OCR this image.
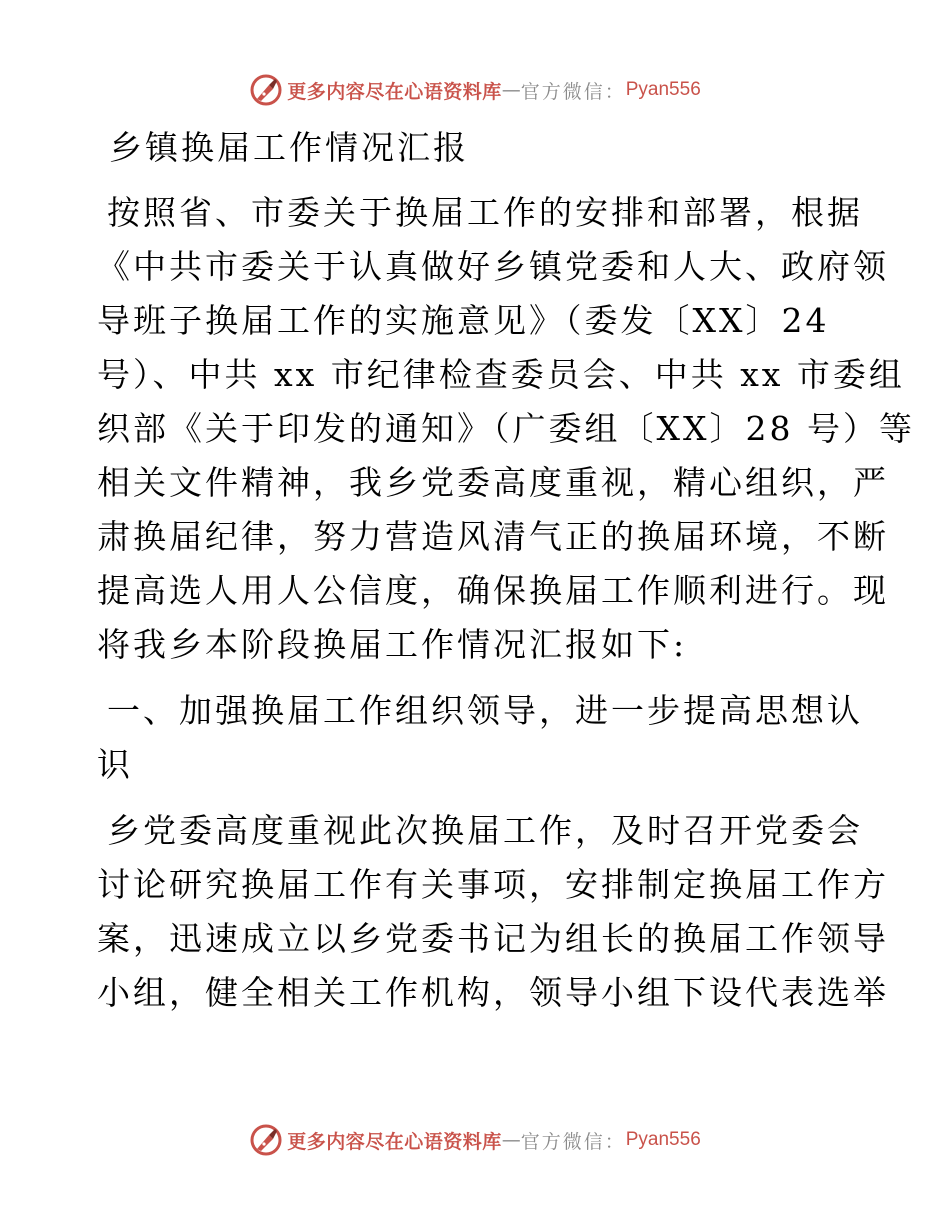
更多内容尽在心语资料库 — 官方微信： Pyan556
乡镇换届工作情况汇报
按照省、市委关于换届工作的安排和部署，根据
《中共市委关于认真做好乡镇党委和人大、政府领
导班子换届工作的实施意见》（委发〔XX〕24
号）、中共 xx 市纪律检查委员会、中共 xx 市委组
织部《关于印发的通知》（广委组〔XX〕28 号）等
相关文件精神，我乡党委高度重视，精心组织，严
肃换届纪律，努力营造风清气正的换届环境，不断
提高选人用人公信度，确保换届工作顺利进行。现
将我乡本阶段换届工作情况汇报如下:
一、加强换届工作组织领导，进一步提高思想认
识
乡党委高度重视此次换届工作，及时召开党委会
讨论研究换届工作有关事项，安排制定换届工作方
案，迅速成立以乡党委书记为组长的换届工作领导
小组，健全相关工作机构，领导小组下设代表选举
更多内容尽在心语资料库 — 官方微信： Pyan556
